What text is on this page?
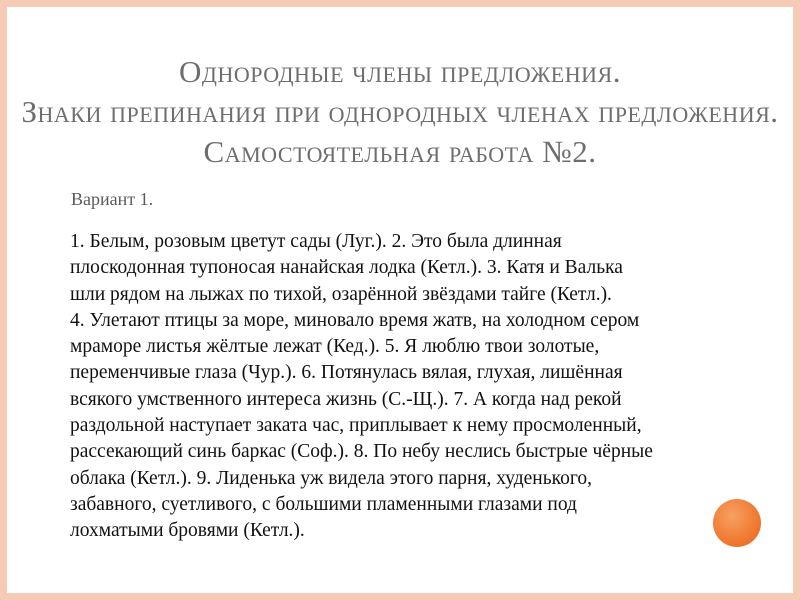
Однородные члены предложения.
Знаки препинания при однородных членах предложения.
Самостоятельная работа №2.
Вариант 1.
1. Белым, розовым цветут сады (Луг.). 2. Это была длинная
плоскодонная тупоносая нанайская лодка (Кетл.). 3. Катя и Валька
шли рядом на лыжах по тихой, озарённой звёздами тайге (Кетл.).
4. Улетают птицы за море, миновало время жатв, на холодном сером
мраморе листья жёлтые лежат (Кед.). 5. Я люблю твои золотые,
переменчивые глаза (Чур.). 6. Потянулась вялая, глухая, лишённая
всякого умственного интереса жизнь (С.-Щ.). 7. А когда над рекой
раздольной наступает заката час, приплывает к нему просмоленный,
рассекающий синь баркас (Соф.). 8. По небу неслись быстрые чёрные
облака (Кетл.). 9. Лиденька уж видела этого парня, худенького,
забавного, суетливого, с большими пламенными глазами под
лохматыми бровями (Кетл.).
